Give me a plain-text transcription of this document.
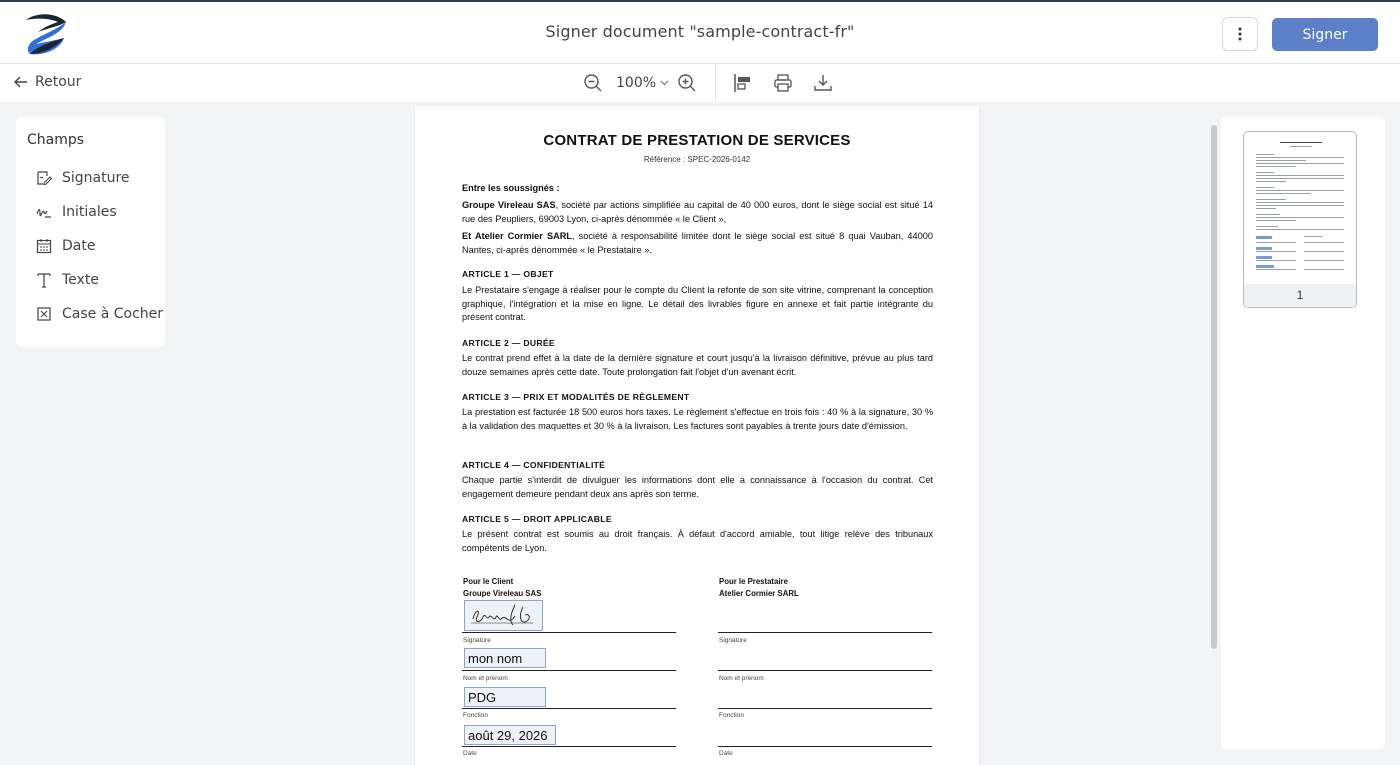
Signer document "sample-contract-fr"	Signer
Retour	100%
Champs
Signature
Initiales
Date
Texte
Case à Cocher
CONTRAT DE PRESTATION DE SERVICES
Référence : SPEC-2026-0142
Entre les soussignés :
Groupe Vireleau SAS, société par actions simplifiée au capital de 40 000 euros, dont le siège social est situé 14 rue des Peupliers, 69003 Lyon, ci-après dénommée « le Client »,
Et Atelier Cormier SARL, société à responsabilité limitée dont le siège social est situé 8 quai Vauban, 44000 Nantes, ci-après dénommée « le Prestataire ».
ARTICLE 1 — OBJET
Le Prestataire s'engage à réaliser pour le compte du Client la refonte de son site vitrine, comprenant la conception graphique, l'intégration et la mise en ligne. Le détail des livrables figure en annexe et fait partie intégrante du présent contrat.
ARTICLE 2 — DURÉE
Le contrat prend effet à la date de la dernière signature et court jusqu'à la livraison définitive, prévue au plus tard douze semaines après cette date. Toute prolongation fait l'objet d'un avenant écrit.
ARTICLE 3 — PRIX ET MODALITÉS DE RÈGLEMENT
La prestation est facturée 18 500 euros hors taxes. Le règlement s'effectue en trois fois : 40 % à la signature, 30 % à la validation des maquettes et 30 % à la livraison. Les factures sont payables à trente jours date d'émission.
ARTICLE 4 — CONFIDENTIALITÉ
Chaque partie s'interdit de divulguer les informations dont elle a connaissance à l'occasion du contrat. Cet engagement demeure pendant deux ans après son terme.
ARTICLE 5 — DROIT APPLICABLE
Le présent contrat est soumis au droit français. À défaut d'accord amiable, tout litige relève des tribunaux compétents de Lyon.
Pour le Client
Groupe Vireleau SAS
Signature
mon nom
Nom et prénom
PDG
Fonction
août 29, 2026
Date
Pour le Prestataire
Atelier Cormier SARL
Signature
Nom et prénom
Fonction
Date
1
